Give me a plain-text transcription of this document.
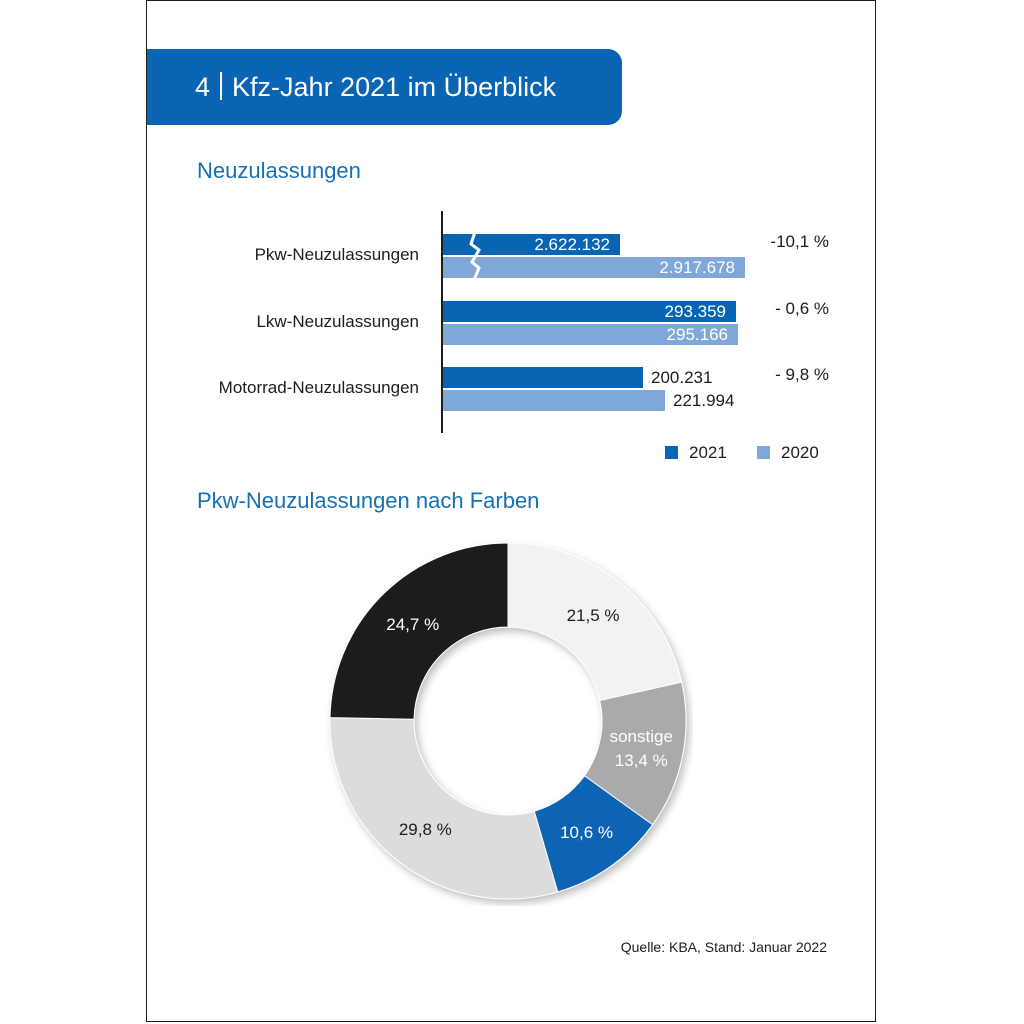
4 Kfz-Jahr 2021 im Überblick
Neuzulassungen
Pkw-Neuzulassungen
2.622.132
2.917.678
-10,1 %
Lkw-Neuzulassungen
293.359
295.166
- 0,6 %
Motorrad-Neuzulassungen
200.231
221.994
- 9,8 %
2021	2020
Pkw-Neuzulassungen nach Farben
21,5 %
sonstige
13,4 %
10,6 %
29,8 %
24,7 %
Quelle: KBA, Stand: Januar 2022
